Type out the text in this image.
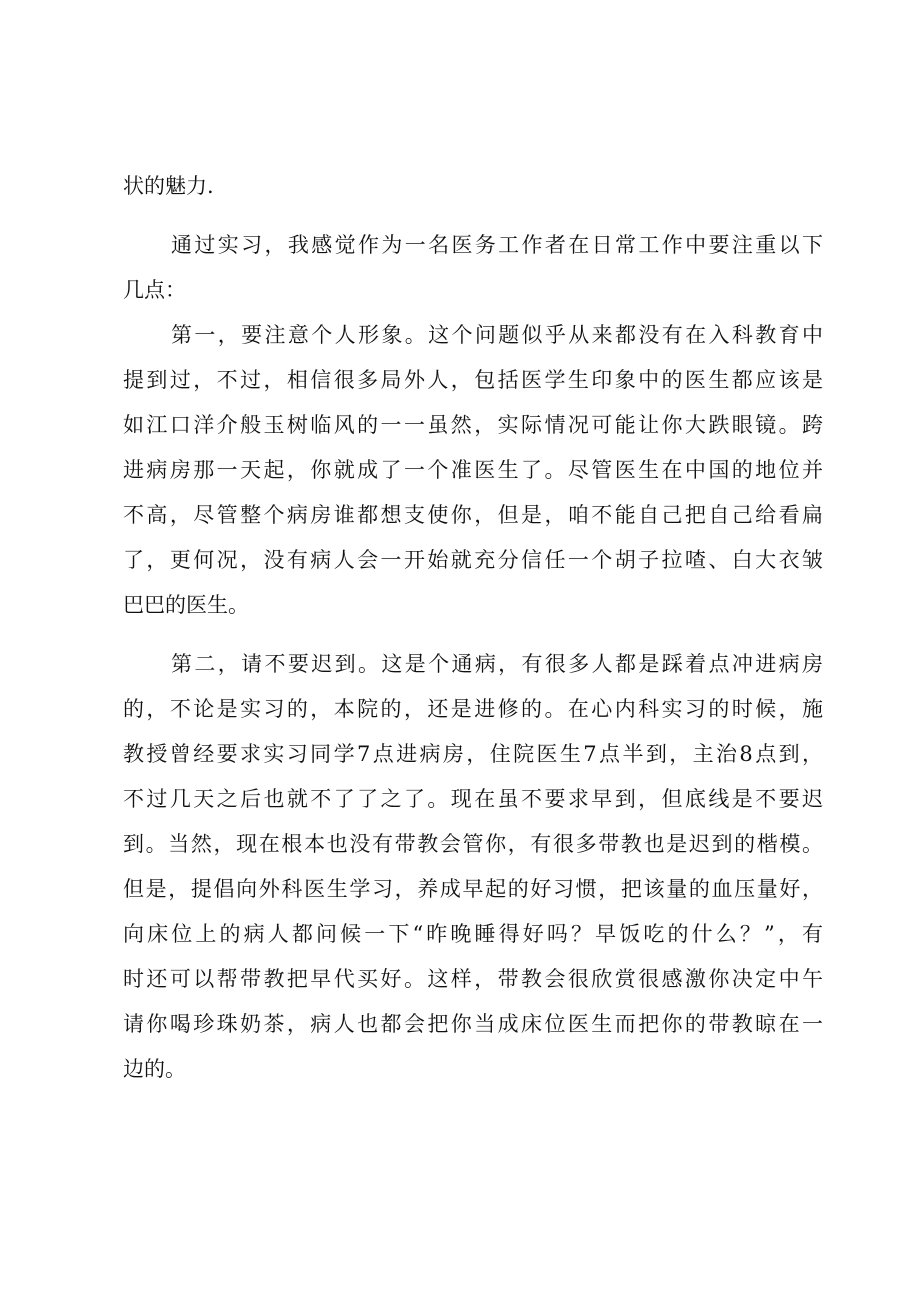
状的魅力.
通过实习，我感觉作为一名医务工作者在日常工作中要注重以下
几点：
第一，要注意个人形象。这个问题似乎从来都没有在入科教育中
提到过，不过，相信很多局外人，包括医学生印象中的医生都应该是
如江口洋介般玉树临风的一一虽然，实际情况可能让你大跌眼镜。跨
进病房那一天起，你就成了一个准医生了。尽管医生在中国的地位并
不高，尽管整个病房谁都想支使你，但是，咱不能自己把自己给看扁
了，更何况，没有病人会一开始就充分信任一个胡子拉喳、白大衣皱
巴巴的医生。
第二，请不要迟到。这是个通病，有很多人都是踩着点冲进病房
的，不论是实习的，本院的，还是进修的。在心内科实习的时候，施
教授曾经要求实习同学7点进病房，住院医生7点半到，主治8点到，
不过几天之后也就不了了之了。现在虽不要求早到，但底线是不要迟
到。当然，现在根本也没有带教会管你，有很多带教也是迟到的楷模。
但是，提倡向外科医生学习，养成早起的好习惯，把该量的血压量好，
向床位上的病人都问候一下“昨晚睡得好吗？早饭吃的什么？”，有
时还可以帮带教把早代买好。这样，带教会很欣赏很感激你决定中午
请你喝珍珠奶茶，病人也都会把你当成床位医生而把你的带教晾在一
边的。
